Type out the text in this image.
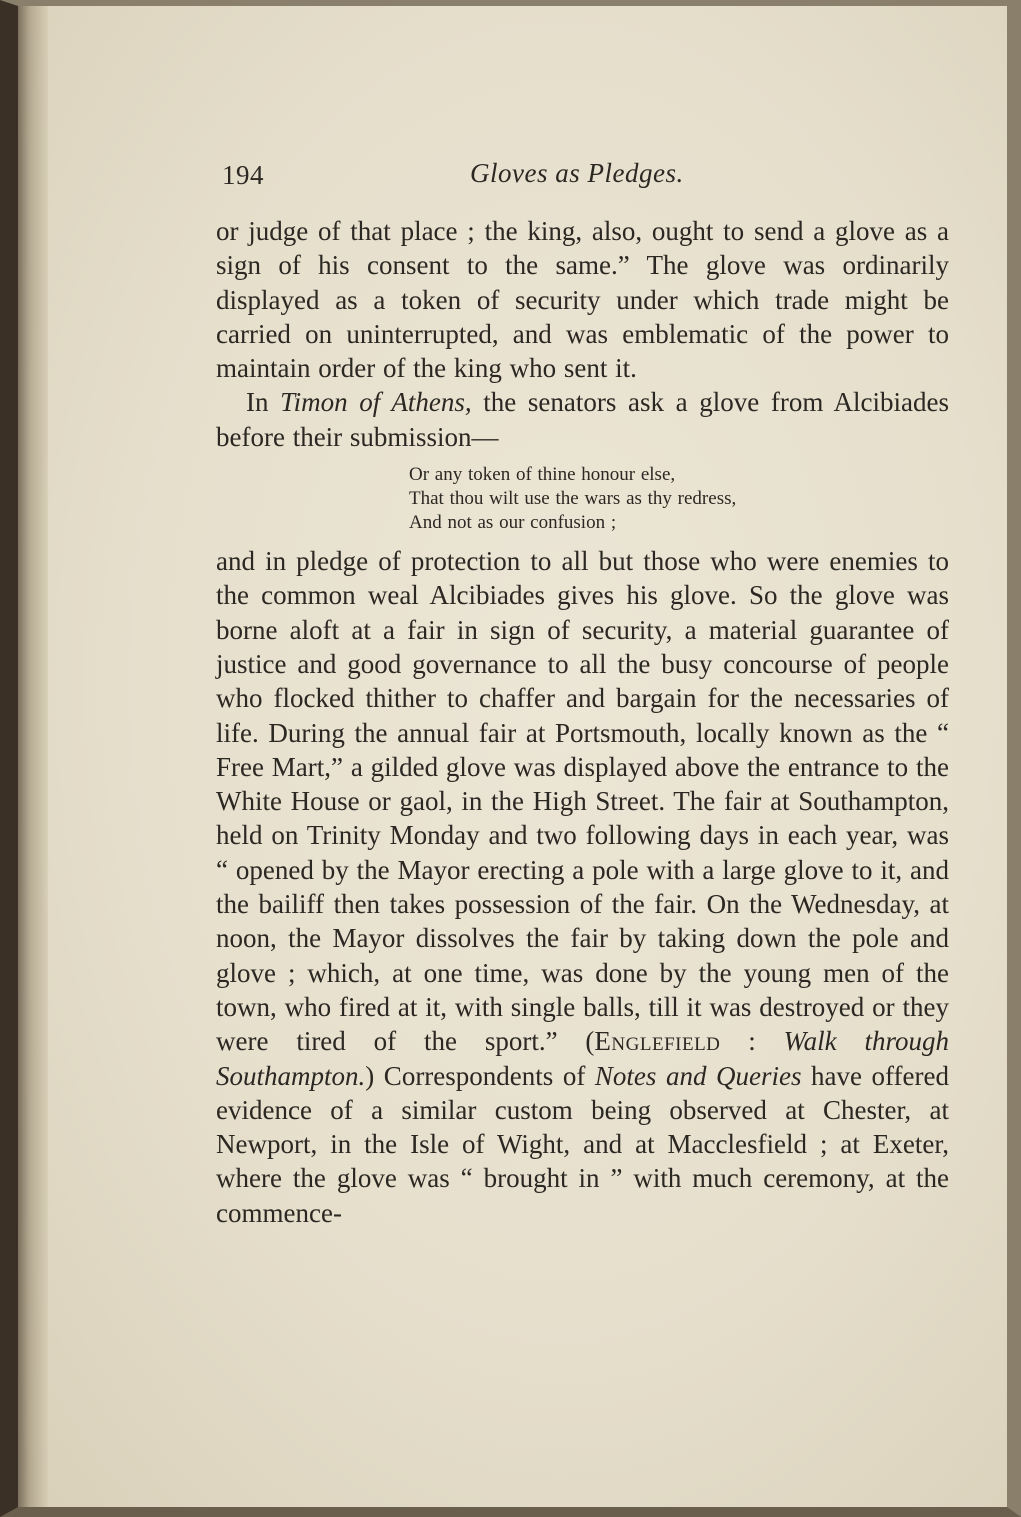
194	Gloves as Pledges.

or judge of that place ; the king, also, ought to send a glove as a sign of his consent to the same.” The glove was ordinarily displayed as a token of security under which trade might be carried on uninterrupted, and was emblematic of the power to maintain order of the king who sent it.

In Timon of Athens, the senators ask a glove from Alcibiades before their submission—

Or any token of thine honour else,
That thou wilt use the wars as thy redress,
And not as our confusion ;

and in pledge of protection to all but those who were enemies to the common weal Alcibiades gives his glove. So the glove was borne aloft at a fair in sign of security, a material guarantee of justice and good governance to all the busy concourse of people who flocked thither to chaffer and bargain for the necessaries of life. During the annual fair at Portsmouth, locally known as the “ Free Mart,” a gilded glove was displayed above the entrance to the White House or gaol, in the High Street. The fair at Southampton, held on Trinity Monday and two following days in each year, was “ opened by the Mayor erecting a pole with a large glove to it, and the bailiff then takes possession of the fair. On the Wednesday, at noon, the Mayor dissolves the fair by taking down the pole and glove ; which, at one time, was done by the young men of the town, who fired at it, with single balls, till it was destroyed or they were tired of the sport.” (Englefield : Walk through Southampton.) Correspondents of Notes and Queries have offered evidence of a similar custom being observed at Chester, at Newport, in the Isle of Wight, and at Macclesfield ; at Exeter, where the glove was “ brought in ” with much ceremony, at the commence-
